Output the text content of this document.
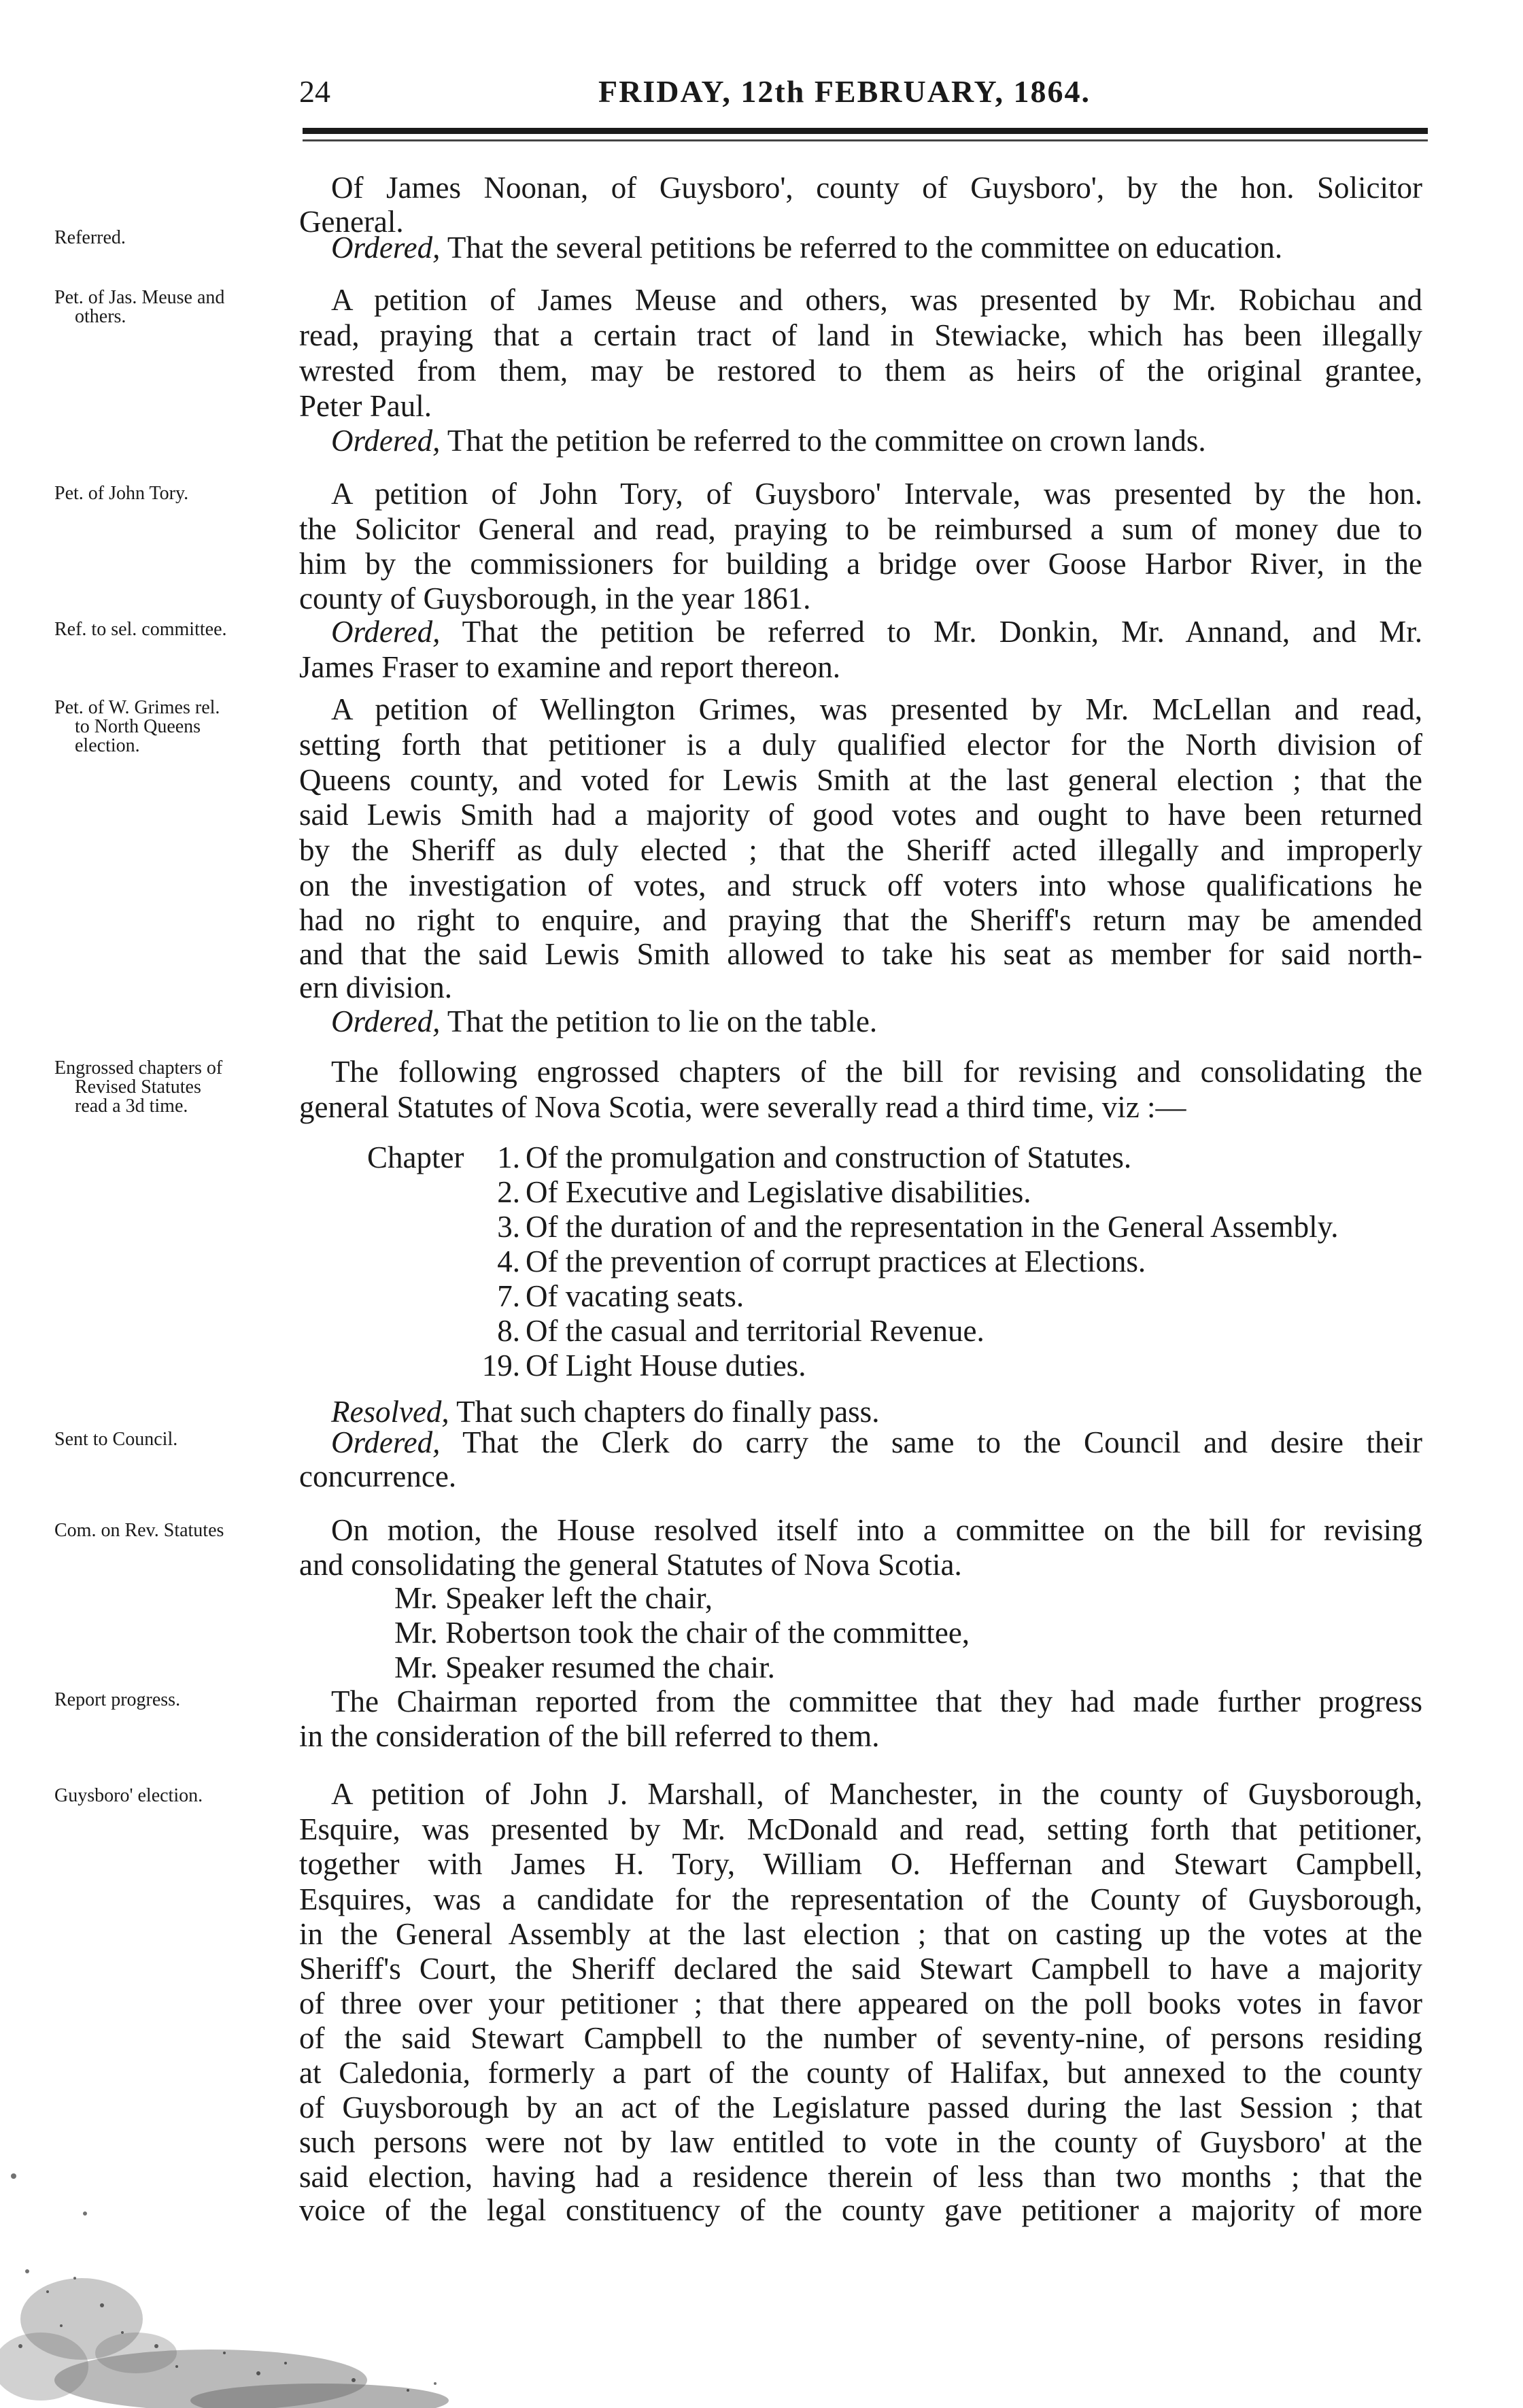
24	FRIDAY, 12th FEBRUARY, 1864.
Referred.
Pet. of Jas. Meuse and
others.
Pet. of John Tory.
Ref. to sel. committee.
Pet. of W. Grimes rel.
to North Queens
election.
Engrossed chapters of
Revised Statutes
read a 3d time.
Sent to Council.
Com. on Rev. Statutes
Report progress.
Guysboro' election.
Of James Noonan, of Guysboro', county of Guysboro', by the hon. Solicitor
General.
Ordered, That the several petitions be referred to the committee on education.
A petition of James Meuse and others, was presented by Mr. Robichau and
read, praying that a certain tract of land in Stewiacke, which has been illegally
wrested from them, may be restored to them as heirs of the original grantee,
Peter Paul.
Ordered, That the petition be referred to the committee on crown lands.
A petition of John Tory, of Guysboro' Intervale, was presented by the hon.
the Solicitor General and read, praying to be reimbursed a sum of money due to
him by the commissioners for building a bridge over Goose Harbor River, in the
county of Guysborough, in the year 1861.
Ordered, That the petition be referred to Mr. Donkin, Mr. Annand, and Mr.
James Fraser to examine and report thereon.
A petition of Wellington Grimes, was presented by Mr. McLellan and read,
setting forth that petitioner is a duly qualified elector for the North division of
Queens county, and voted for Lewis Smith at the last general election ; that the
said Lewis Smith had a majority of good votes and ought to have been returned
by the Sheriff as duly elected ; that the Sheriff acted illegally and improperly
on the investigation of votes, and struck off voters into whose qualifications he
had no right to enquire, and praying that the Sheriff's return may be amended
and that the said Lewis Smith allowed to take his seat as member for said north-
ern division.
Ordered, That the petition to lie on the table.
The following engrossed chapters of the bill for revising and consolidating the
general Statutes of Nova Scotia, were severally read a third time, viz :—
Chapter	1. Of the promulgation and construction of Statutes.
2. Of Executive and Legislative disabilities.
3. Of the duration of and the representation in the General Assembly.
4. Of the prevention of corrupt practices at Elections.
7. Of vacating seats.
8. Of the casual and territorial Revenue.
19. Of Light House duties.
Resolved, That such chapters do finally pass.
Ordered, That the Clerk do carry the same to the Council and desire their
concurrence.
On motion, the House resolved itself into a committee on the bill for revising
and consolidating the general Statutes of Nova Scotia.
Mr. Speaker left the chair,
Mr. Robertson took the chair of the committee,
Mr. Speaker resumed the chair.
The Chairman reported from the committee that they had made further progress
in the consideration of the bill referred to them.
A petition of John J. Marshall, of Manchester, in the county of Guysborough,
Esquire, was presented by Mr. McDonald and read, setting forth that petitioner,
together with James H. Tory, William O. Heffernan and Stewart Campbell,
Esquires, was a candidate for the representation of the County of Guysborough,
in the General Assembly at the last election ; that on casting up the votes at the
Sheriff's Court, the Sheriff declared the said Stewart Campbell to have a majority
of three over your petitioner ; that there appeared on the poll books votes in favor
of the said Stewart Campbell to the number of seventy-nine, of persons residing
at Caledonia, formerly a part of the county of Halifax, but annexed to the county
of Guysborough by an act of the Legislature passed during the last Session ; that
such persons were not by law entitled to vote in the county of Guysboro' at the
said election, having had a residence therein of less than two months ; that the
voice of the legal constituency of the county gave petitioner a majority of more
